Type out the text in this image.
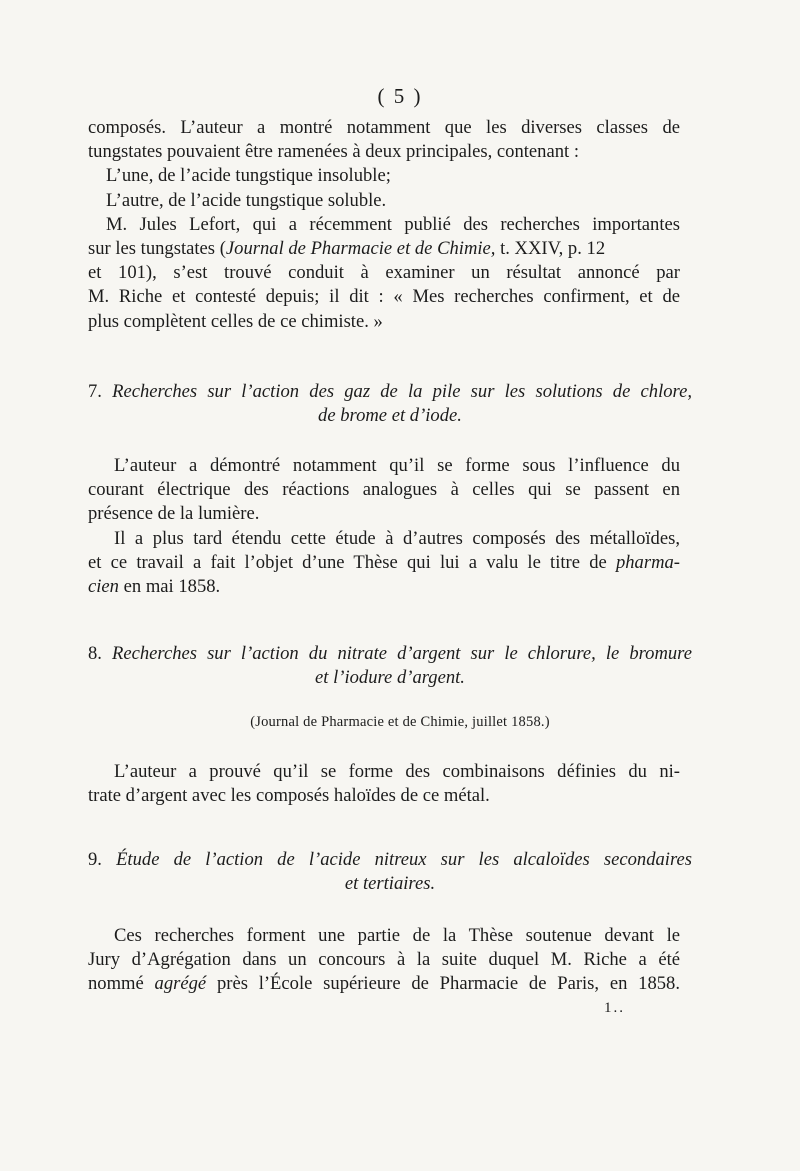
( 5 )
composés. L’auteur a montré notamment que les diverses classes de
tungstates pouvaient être ramenées à deux principales, contenant :
L’une, de l’acide tungstique insoluble;
L’autre, de l’acide tungstique soluble.
M. Jules Lefort, qui a récemment publié des recherches importantes
sur les tungstates (Journal de Pharmacie et de Chimie, t. XXIV, p. 12
et 101), s’est trouvé conduit à examiner un résultat annoncé par
M. Riche et contesté depuis; il dit : « Mes recherches confirment, et de
plus complètent celles de ce chimiste. »
7. Recherches sur l’action des gaz de la pile sur les solutions de chlore,
de brome et d’iode.
L’auteur a démontré notamment qu’il se forme sous l’influence du
courant électrique des réactions analogues à celles qui se passent en
présence de la lumière.
Il a plus tard étendu cette étude à d’autres composés des métalloïdes,
et ce travail a fait l’objet d’une Thèse qui lui a valu le titre de pharma-
cien en mai 1858.
8. Recherches sur l’action du nitrate d’argent sur le chlorure, le bromure
et l’iodure d’argent.
(Journal de Pharmacie et de Chimie, juillet 1858.)
L’auteur a prouvé qu’il se forme des combinaisons définies du ni-
trate d’argent avec les composés haloïdes de ce métal.
9. Étude de l’action de l’acide nitreux sur les alcaloïdes secondaires
et tertiaires.
Ces recherches forment une partie de la Thèse soutenue devant le
Jury d’Agrégation dans un concours à la suite duquel M. Riche a été
nommé agrégé près l’École supérieure de Pharmacie de Paris, en 1858.
1..
